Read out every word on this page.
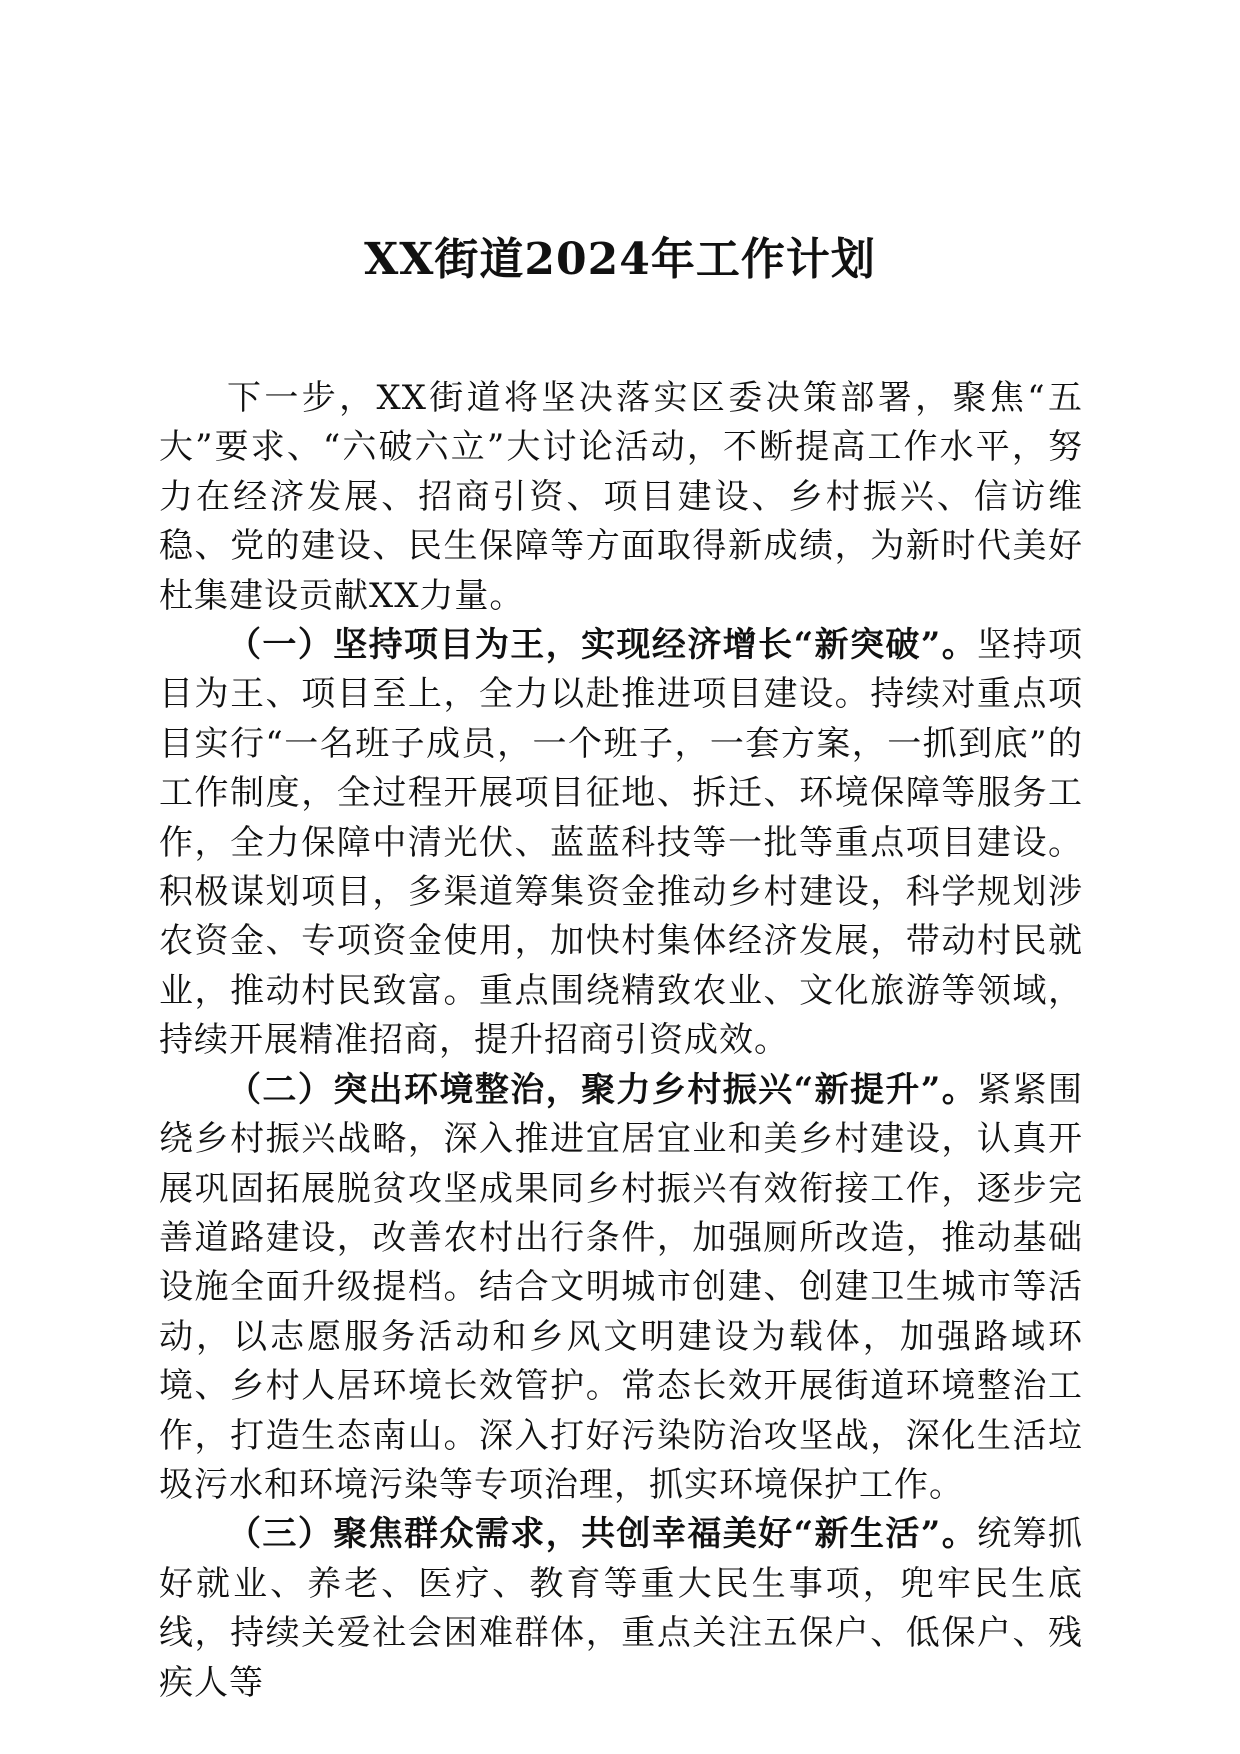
XX街道2024年工作计划

下一步，XX街道将坚决落实区委决策部署，聚焦“五大”要求、“六破六立”大讨论活动，不断提高工作水平，努力在经济发展、招商引资、项目建设、乡村振兴、信访维稳、党的建设、民生保障等方面取得新成绩，为新时代美好杜集建设贡献XX力量。

（一）坚持项目为王，实现经济增长“新突破”。坚持项目为王、项目至上，全力以赴推进项目建设。持续对重点项目实行“一名班子成员，一个班子，一套方案，一抓到底”的工作制度，全过程开展项目征地、拆迁、环境保障等服务工作，全力保障中清光伏、蓝蓝科技等一批等重点项目建设。积极谋划项目，多渠道筹集资金推动乡村建设，科学规划涉农资金、专项资金使用，加快村集体经济发展，带动村民就业，推动村民致富。重点围绕精致农业、文化旅游等领域，持续开展精准招商，提升招商引资成效。

（二）突出环境整治，聚力乡村振兴“新提升”。紧紧围绕乡村振兴战略，深入推进宜居宜业和美乡村建设，认真开展巩固拓展脱贫攻坚成果同乡村振兴有效衔接工作，逐步完善道路建设，改善农村出行条件，加强厕所改造，推动基础设施全面升级提档。结合文明城市创建、创建卫生城市等活动，以志愿服务活动和乡风文明建设为载体，加强路域环境、乡村人居环境长效管护。常态长效开展街道环境整治工作，打造生态南山。深入打好污染防治攻坚战，深化生活垃圾污水和环境污染等专项治理，抓实环境保护工作。

（三）聚焦群众需求，共创幸福美好“新生活”。统筹抓好就业、养老、医疗、教育等重大民生事项，兜牢民生底线，持续关爱社会困难群体，重点关注五保户、低保户、残疾人等
